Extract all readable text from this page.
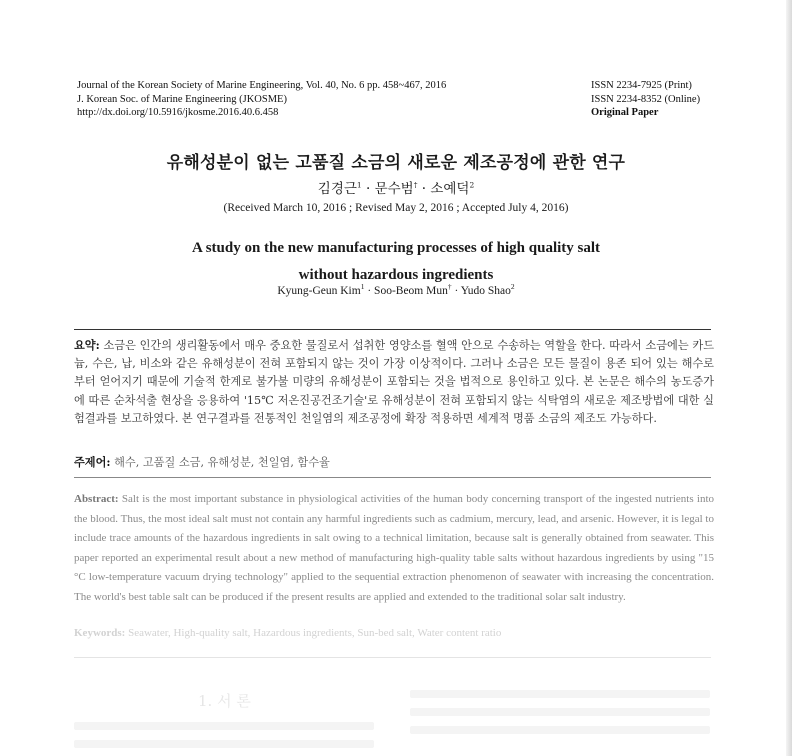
Journal of the Korean Society of Marine Engineering, Vol. 40, No. 6 pp. 458~467, 2016
J. Korean Soc. of Marine Engineering (JKOSME)
http://dx.doi.org/10.5916/jkosme.2016.40.6.458
ISSN 2234-7925 (Print)
ISSN 2234-8352 (Online)
Original Paper
유해성분이 없는 고품질 소금의 새로운 제조공정에 관한 연구
김경근$^1$ · 문수범† · 소예덕$^2$
(Received March 10, 2016 ; Revised May 2, 2016 ; Accepted July 4, 2016)
A study on the new manufacturing processes of high quality salt
without hazardous ingredients
Kyung-Geun Kim$^1$ · Soo-Beom Mun† · Yudo Shao$^2$
요약: 소금은 인간의 생리활동에서 매우 중요한 물질로서 섭취한 영양소를 혈액 안으로 수송하는 역할을 한다. 따라서 소금에는 카드늄, 수은, 납, 비소와 같은 유해성분이 전혀 포함되지 않는 것이 가장 이상적이다. 그러나 소금은 모든 물질이 용존 되어 있는 해수로부터 얻어지기 때문에 기술적 한계로 불가불 미량의 유해성분이 포함되는 것을 법적으로 용인하고 있다. 본 논문은 해수의 농도증가에 따른 순차석출 현상을 응용하여 '15℃ 저온진공건조기술'로 유해성분이 전혀 포함되지 않는 식탁염의 새로운 제조방법에 대한 실험결과를 보고하였다. 본 연구결과를 전통적인 천일염의 제조공정에 확장 적용하면 세계적 명품 소금의 제조도 가능하다.
주제어: 해수, 고품질 소금, 유해성분, 천일염, 함수율
Abstract: Salt is the most important substance in physiological activities of the human body concerning transport of the ingested nutrients into the blood. Thus, the most ideal salt must not contain any harmful ingredients such as cadmium, mercury, lead, and arsenic. However, it is legal to include trace amounts of the hazardous ingredients in salt owing to a technical limitation, because salt is generally obtained from seawater. This paper reported an experimental result about a new method of manufacturing high-quality table salts without hazardous ingredients by using "15 °C low-temperature vacuum drying technology" applied to the sequential extraction phenomenon of seawater with increasing the concentration. The world's best table salt can be produced if the present results are applied and extended to the traditional solar salt industry.
Keywords: Seawater, High-quality salt, Hazardous ingredients, Sun-bed salt, Water content ratio
1. 서 론
